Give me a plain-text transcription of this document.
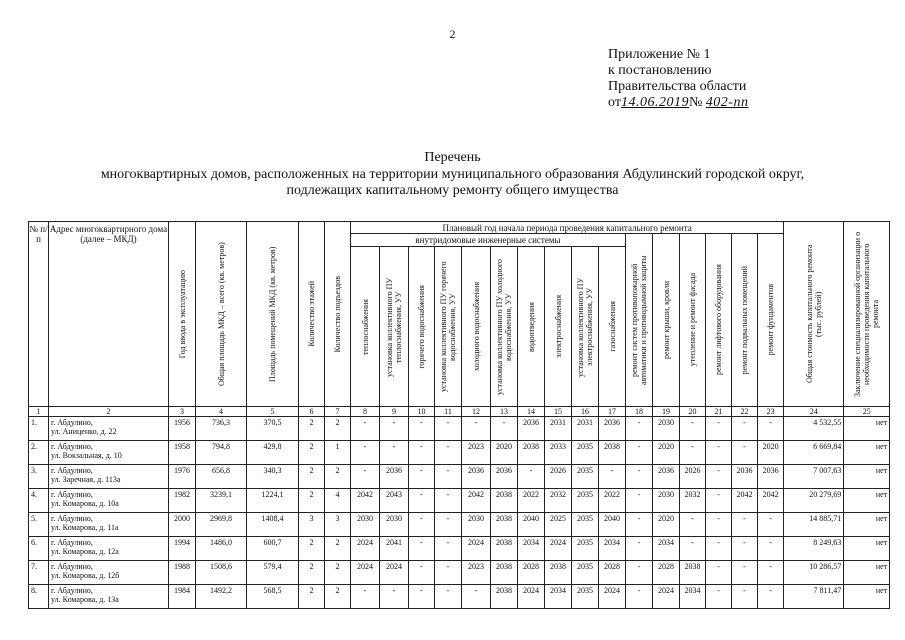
2
Приложение № 1
к постановлению
Правительства области
от14.06.2019№ 402-пп
Перечень
многоквартирных домов, расположенных на территории муниципального образования Абдулинский городской округ,
подлежащих капитальному ремонту общего имущества
№ п/п	Адрес многоквартирного дома (далее – МКД)	Год ввода в эксплуатацию	Общая площадь МКД – всего (кв. метров)	Площадь помещений МКД (кв. метров)	Количество этажей	Количество подъездов	Плановый год начала периода проведения капитального ремонта																Общая стоимость капитального ремонта (тыс. рублей)	Заключение специализированной организации о необходимости проведения капитального ремонта

							внутридомовые инженерные системы										ремонт систем противопожарной автоматики и противодымной защиты	ремонт крыши, кровли	утепление и ремонт фасада	ремонт лифтового оборудования	ремонт подвальных помещений	ремонт фундаментов		

							теплоснабжения	установка коллективного ПУ теплоснабжения, УУ	горячего водоснабжения	установка коллективного ПУ горячего водоснабжения, УУ	холодного водоснабжения	установка коллективного ПУ холодного водоснабжения, УУ	водоотведения	электроснабжения	установка коллективного ПУ электроснабжения, УУ	газоснабжения								

1	2	3	4	5	6	7	8	9	10	11	12	13	14	15	16	17	18	19	20	21	22	23	24	25
1.	г. Абдулино,
ул. Аниценко, д. 22	1956	736,3	370,5	2	2	-	-	-	-	-	-	2036	2031	2031	2036	-	2030	-	-	-	-	4 532,55	нет
2.	г. Абдулино,
ул. Вокзальная, д. 10	1958	794,8	429,8	2	1	-	-	-	-	2023	2020	2038	2033	2035	2038	-	2020	-	-	-	2020	6 669,84	нет
3.	г. Абдулино,
ул. Заречная, д. 113а	1976	656,8	340,3	2	2	-	2036	-	-	2036	2036	-	2026	2035	-	-	2036	2026	-	2036	2036	7 007,63	нет
4.	г. Абдулино,
ул. Комарова, д. 10а	1982	3239,1	1224,1	2	4	2042	2043	-	-	2042	2038	2022	2032	2035	2022	-	2030	2032	-	2042	2042	20 279,69	нет
5.	г. Абдулино,
ул. Комарова, д. 11а	2000	2969,8	1408,4	3	3	2030	2030	-	-	2030	2038	2040	2025	2035	2040	-	2020	-	-	-	-	14 885,71	нет
6.	г. Абдулино,
ул. Комарова, д. 12а	1994	1486,0	600,7	2	2	2024	2041	-	-	2024	2038	2034	2024	2035	2034	-	2034	-	-	-	-	8 249,63	нет
7.	г. Абдулино,
ул. Комарова, д. 12б	1988	1508,6	579,4	2	2	2024	2024	-	-	2023	2038	2028	2038	2035	2028	-	2028	2038	-	-	-	10 286,57	нет
8.	г. Абдулино,
ул. Комарова, д. 13а	1984	1492,2	568,5	2	2	-	-	-	-	-	2038	2024	2034	2035	2024	-	2024	2034	-	-	-	7 811,47	нет
